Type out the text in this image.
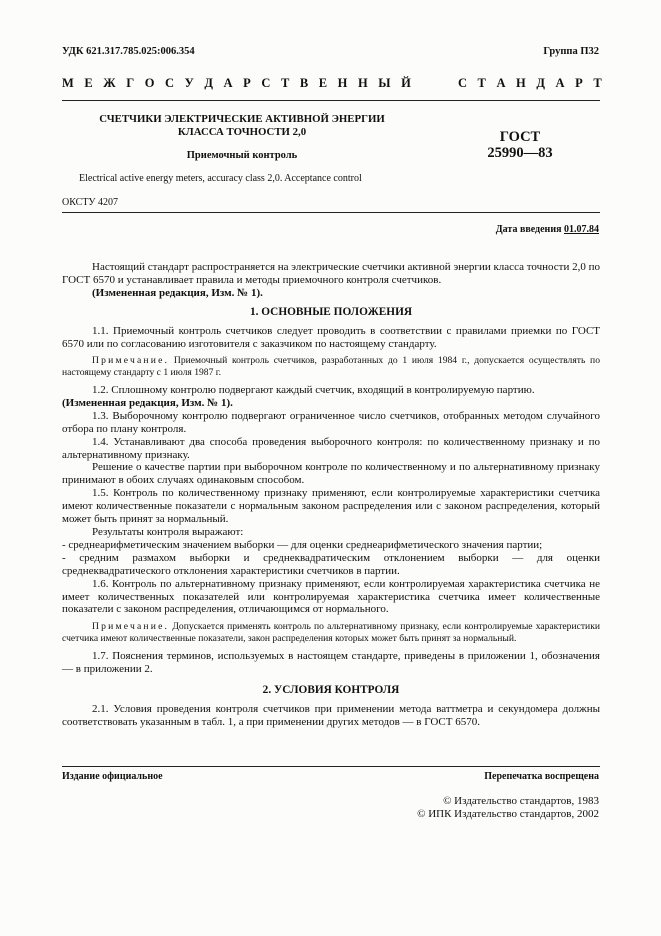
УДК 621.317.785.025:006.354	Группа П32
М Е Ж Г О С У Д А Р С Т В Е Н Н Ы Й	С Т А Н Д А Р Т
СЧЕТЧИКИ ЭЛЕКТРИЧЕСКИЕ АКТИВНОЙ ЭНЕРГИИ
КЛАССА ТОЧНОСТИ 2,0
Приемочный контроль
ГОСТ
25990—83
Electrical active energy meters, accuracy class 2,0. Acceptance control
ОКСТУ 4207
Дата введения 01.07.84

Настоящий стандарт распространяется на электрические счетчики активной энергии класса точности 2,0 по ГОСТ 6570 и устанавливает правила и методы приемочного контроля счетчиков.

(Измененная редакция, Изм. № 1).

1. ОСНОВНЫЕ ПОЛОЖЕНИЯ

1.1. Приемочный контроль счетчиков следует проводить в соответствии с правилами приемки по ГОСТ 6570 или по согласованию изготовителя с заказчиком по настоящему стандарту.

Примечание. Приемочный контроль счетчиков, разработанных до 1 июля 1984 г., допускается осуществлять по настоящему стандарту с 1 июля 1987 г.

1.2. Сплошному контролю подвергают каждый счетчик, входящий в контролируемую партию.

(Измененная редакция, Изм. № 1).

1.3. Выборочному контролю подвергают ограниченное число счетчиков, отобранных методом случайного отбора по плану контроля.

1.4. Устанавливают два способа проведения выборочного контроля: по количественному признаку и по альтернативному признаку.

Решение о качестве партии при выборочном контроле по количественному и по альтернативному признаку принимают в обоих случаях одинаковым способом.

1.5. Контроль по количественному признаку применяют, если контролируемые характеристики счетчика имеют количественные показатели с нормальным законом распределения или с законом распределения, который может быть принят за нормальный.

Результаты контроля выражают:

- среднеарифметическим значением выборки — для оценки среднеарифметического значения партии;

- средним размахом выборки и среднеквадратическим отклонением выборки — для оценки среднеквадратического отклонения характеристики счетчиков в партии.

1.6. Контроль по альтернативному признаку применяют, если контролируемая характеристика счетчика не имеет количественных показателей или контролируемая характеристика счетчика имеет количественные показатели с законом распределения, отличающимся от нормального.

Примечание. Допускается применять контроль по альтернативному признаку, если контролируемые характеристики счетчика имеют количественные показатели, закон распределения которых может быть принят за нормальный.

1.7. Пояснения терминов, используемых в настоящем стандарте, приведены в приложении 1, обозначения — в приложении 2.

2. УСЛОВИЯ КОНТРОЛЯ

2.1. Условия проведения контроля счетчиков при применении метода ваттметра и секундомера должны соответствовать указанным в табл. 1, а при применении других методов — в ГОСТ 6570.

Издание официальное	Перепечатка воспрещена
© Издательство стандартов, 1983
© ИПК Издательство стандартов, 2002
